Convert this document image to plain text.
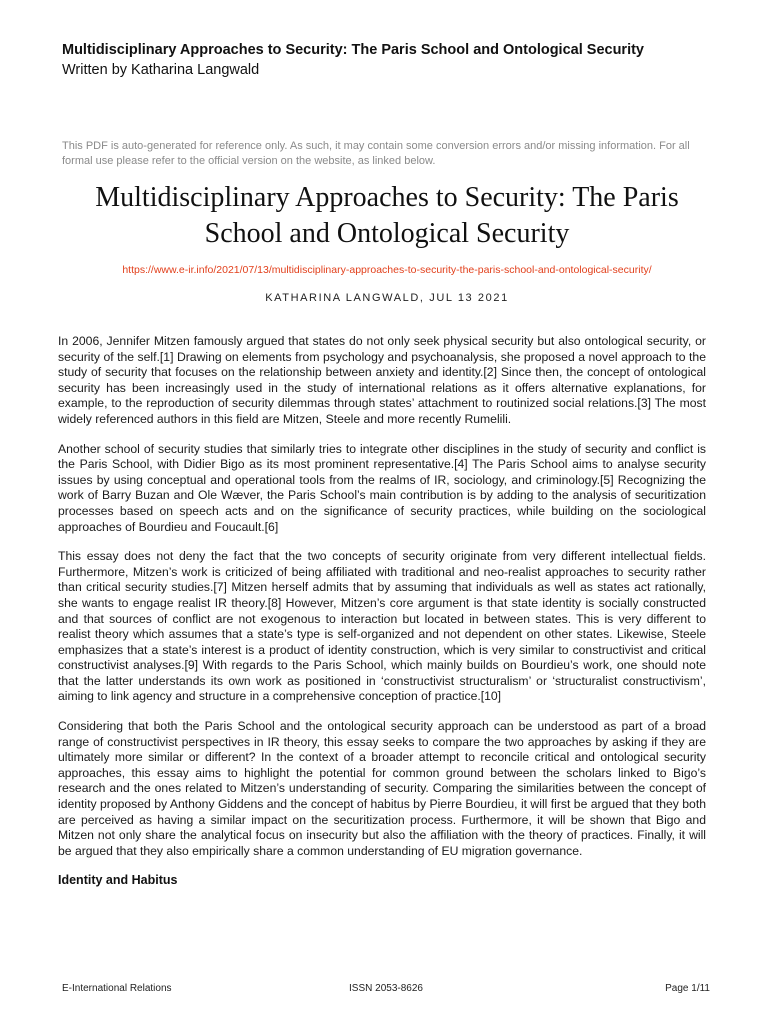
Multidisciplinary Approaches to Security: The Paris School and Ontological Security
Written by Katharina Langwald
This PDF is auto-generated for reference only. As such, it may contain some conversion errors and/or missing information. For all formal use please refer to the official version on the website, as linked below.
Multidisciplinary Approaches to Security: The Paris School and Ontological Security
https://www.e-ir.info/2021/07/13/multidisciplinary-approaches-to-security-the-paris-school-and-ontological-security/
KATHARINA LANGWALD, JUL 13 2021

In 2006, Jennifer Mitzen famously argued that states do not only seek physical security but also ontological security, or security of the self.[1] Drawing on elements from psychology and psychoanalysis, she proposed a novel approach to the study of security that focuses on the relationship between anxiety and identity.[2] Since then, the concept of ontological security has been increasingly used in the study of international relations as it offers alternative explanations, for example, to the reproduction of security dilemmas through states’ attachment to routinized social relations.[3] The most widely referenced authors in this field are Mitzen, Steele and more recently Rumelili.

Another school of security studies that similarly tries to integrate other disciplines in the study of security and conflict is the Paris School, with Didier Bigo as its most prominent representative.[4] The Paris School aims to analyse security issues by using conceptual and operational tools from the realms of IR, sociology, and criminology.[5] Recognizing the work of Barry Buzan and Ole Wæver, the Paris School’s main contribution is by adding to the analysis of securitization processes based on speech acts and on the significance of security practices, while building on the sociological approaches of Bourdieu and Foucault.[6]

This essay does not deny the fact that the two concepts of security originate from very different intellectual fields. Furthermore, Mitzen’s work is criticized of being affiliated with traditional and neo-realist approaches to security rather than critical security studies.[7] Mitzen herself admits that by assuming that individuals as well as states act rationally, she wants to engage realist IR theory.[8] However, Mitzen’s core argument is that state identity is socially constructed and that sources of conflict are not exogenous to interaction but located in between states. This is very different to realist theory which assumes that a state’s type is self-organized and not dependent on other states. Likewise, Steele emphasizes that a state’s interest is a product of identity construction, which is very similar to constructivist and critical constructivist analyses.[9] With regards to the Paris School, which mainly builds on Bourdieu’s work, one should note that the latter understands its own work as positioned in ‘constructivist structuralism’ or ‘structuralist constructivism’, aiming to link agency and structure in a comprehensive conception of practice.[10]

Considering that both the Paris School and the ontological security approach can be understood as part of a broad range of constructivist perspectives in IR theory, this essay seeks to compare the two approaches by asking if they are ultimately more similar or different? In the context of a broader attempt to reconcile critical and ontological security approaches, this essay aims to highlight the potential for common ground between the scholars linked to Bigo’s research and the ones related to Mitzen’s understanding of security. Comparing the similarities between the concept of identity proposed by Anthony Giddens and the concept of habitus by Pierre Bourdieu, it will first be argued that they both are perceived as having a similar impact on the securitization process. Furthermore, it will be shown that Bigo and Mitzen not only share the analytical focus on insecurity but also the affiliation with the theory of practices. Finally, it will be argued that they also empirically share a common understanding of EU migration governance.

Identity and Habitus
E-International Relations	ISSN 2053-8626	Page 1/11
